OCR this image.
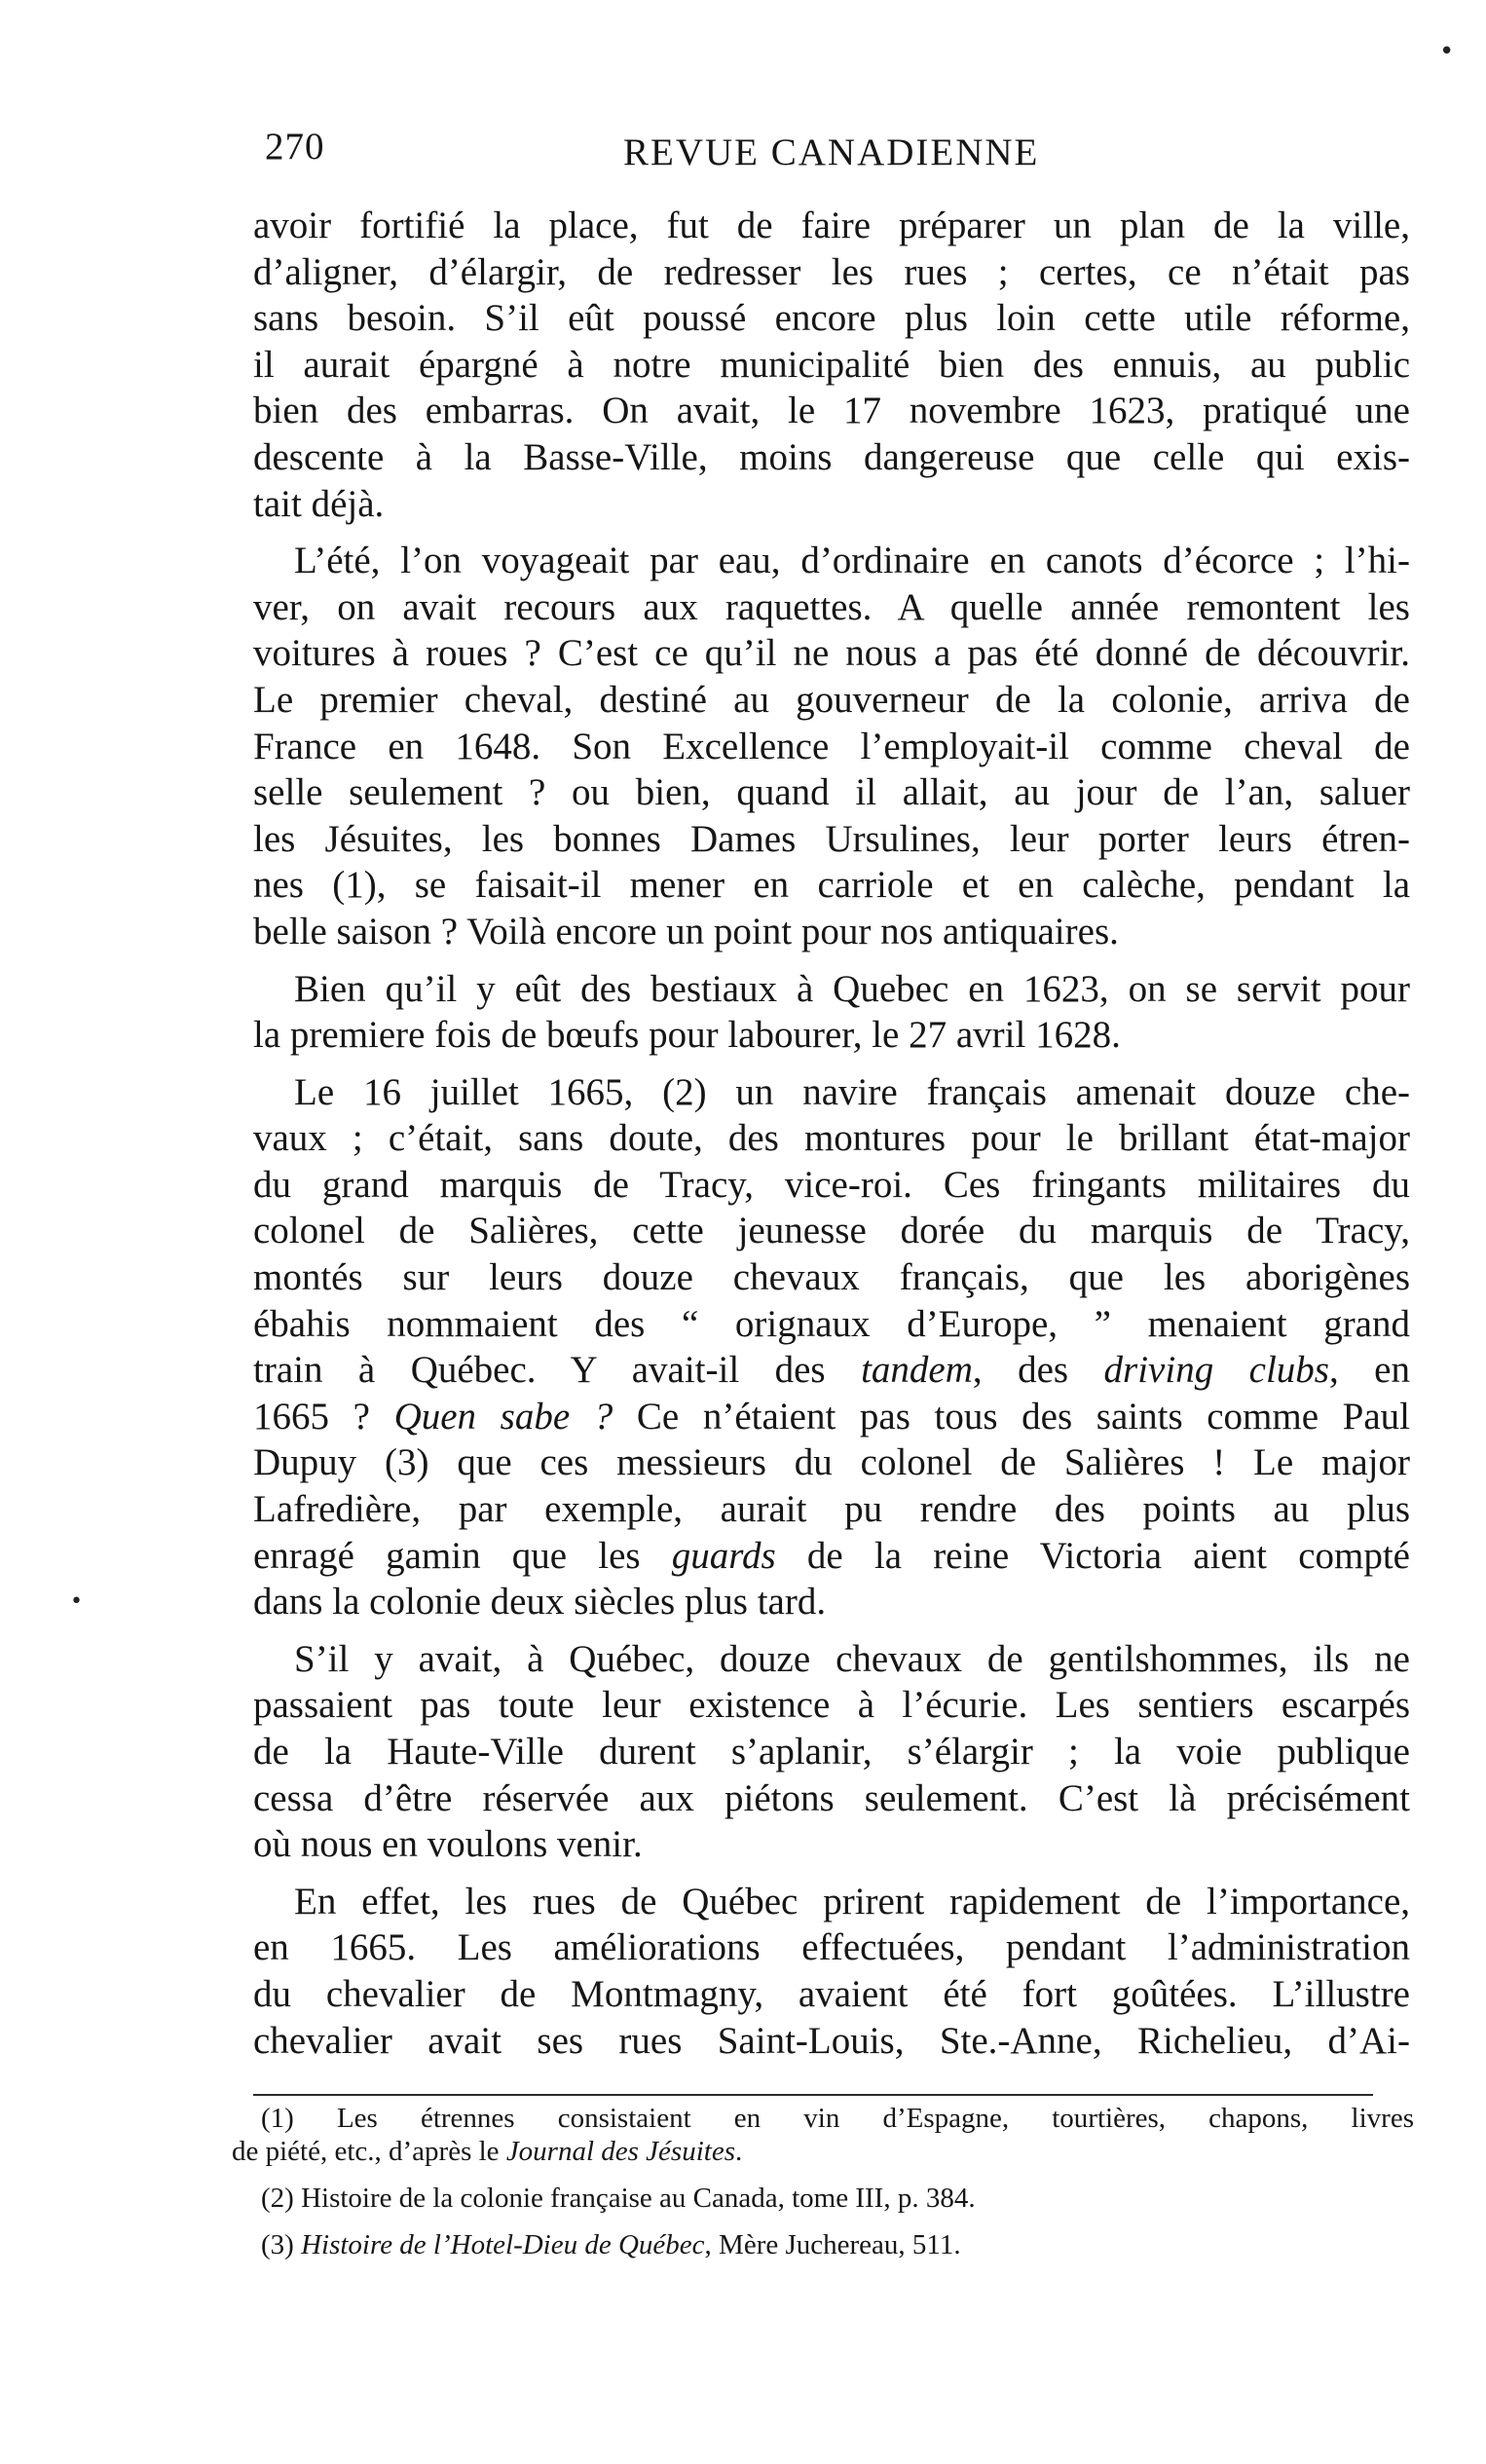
•
•
270	REVUE CANADIENNE
avoir fortifié la place, fut de faire préparer un plan de la ville,
d’aligner, d’élargir, de redresser les rues ; certes, ce n’était pas
sans besoin. S’il eût poussé encore plus loin cette utile réforme,
il aurait épargné à notre municipalité bien des ennuis, au public
bien des embarras. On avait, le 17 novembre 1623, pratiqué une
descente à la Basse-Ville, moins dangereuse que celle qui exis-
tait déjà.
L’été, l’on voyageait par eau, d’ordinaire en canots d’écorce ; l’hi-
ver, on avait recours aux raquettes. A quelle année remontent les
voitures à roues ? C’est ce qu’il ne nous a pas été donné de découvrir.
Le premier cheval, destiné au gouverneur de la colonie, arriva de
France en 1648. Son Excellence l’employait-il comme cheval de
selle seulement ? ou bien, quand il allait, au jour de l’an, saluer
les Jésuites, les bonnes Dames Ursulines, leur porter leurs étren-
nes (1), se faisait-il mener en carriole et en calèche, pendant la
belle saison ? Voilà encore un point pour nos antiquaires.
Bien qu’il y eût des bestiaux à Quebec en 1623, on se servit pour
la premiere fois de bœufs pour labourer, le 27 avril 1628.
Le 16 juillet 1665, (2) un navire français amenait douze che-
vaux ; c’était, sans doute, des montures pour le brillant état-major
du grand marquis de Tracy, vice-roi. Ces fringants militaires du
colonel de Salières, cette jeunesse dorée du marquis de Tracy,
montés sur leurs douze chevaux français, que les aborigènes
ébahis nommaient des “ orignaux d’Europe, ” menaient grand
train à Québec. Y avait-il des tandem, des driving clubs, en
1665 ? Quen sabe ? Ce n’étaient pas tous des saints comme Paul
Dupuy (3) que ces messieurs du colonel de Salières ! Le major
Lafredière, par exemple, aurait pu rendre des points au plus
enragé gamin que les guards de la reine Victoria aient compté
dans la colonie deux siècles plus tard.
S’il y avait, à Québec, douze chevaux de gentilshommes, ils ne
passaient pas toute leur existence à l’écurie. Les sentiers escarpés
de la Haute-Ville durent s’aplanir, s’élargir ; la voie publique
cessa d’être réservée aux piétons seulement. C’est là précisément
où nous en voulons venir.
En effet, les rues de Québec prirent rapidement de l’importance,
en 1665. Les améliorations effectuées, pendant l’administration
du chevalier de Montmagny, avaient été fort goûtées. L’illustre
chevalier avait ses rues Saint-Louis, Ste.-Anne, Richelieu, d’Ai-
(1) Les étrennes consistaient en vin d’Espagne, tourtières, chapons, livres
de piété, etc., d’après le Journal des Jésuites.
(2) Histoire de la colonie française au Canada, tome III, p. 384.
(3) Histoire de l’Hotel-Dieu de Québec, Mère Juchereau, 511.
